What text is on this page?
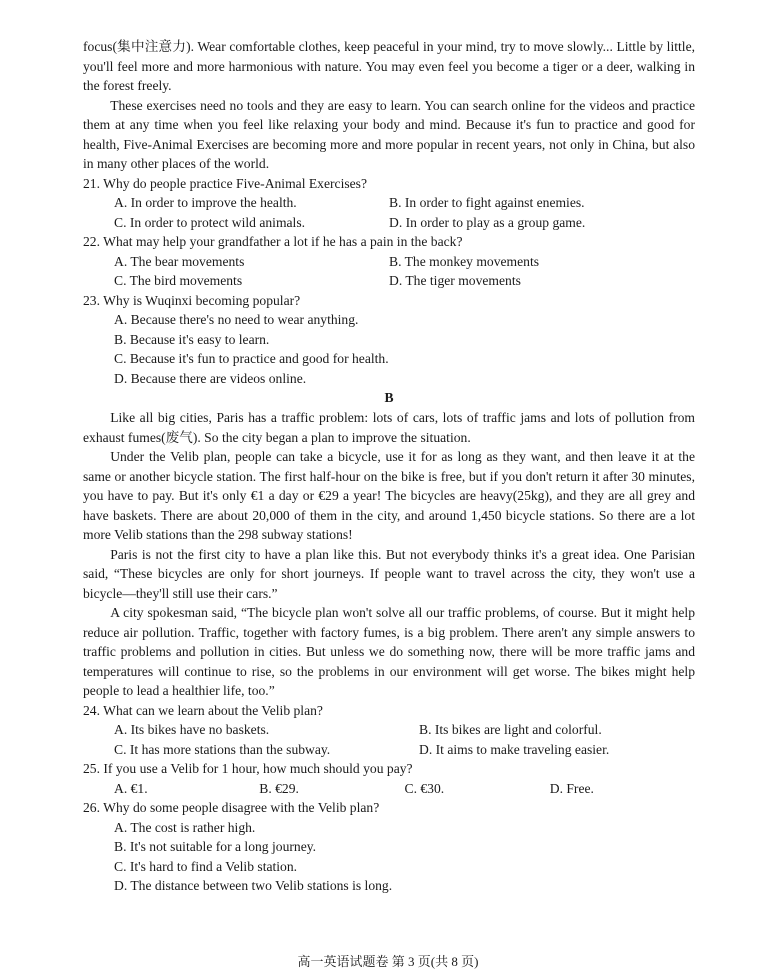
focus(集中注意力). Wear comfortable clothes, keep peaceful in your mind, try to move slowly... Little by little, you'll feel more and more harmonious with nature. You may even feel you become a tiger or a deer, walking in the forest freely.

These exercises need no tools and they are easy to learn. You can search online for the videos and practice them at any time when you feel like relaxing your body and mind. Because it's fun to practice and good for health, Five-Animal Exercises are becoming more and more popular in recent years, not only in China, but also in many other places of the world.

21. Why do people practice Five-Animal Exercises?

A. In order to improve the health.	B. In order to fight against enemies.
C. In order to protect wild animals.	D. In order to play as a group game.

22. What may help your grandfather a lot if he has a pain in the back?

A. The bear movements	B. The monkey movements
C. The bird movements	D. The tiger movements

23. Why is Wuqinxi becoming popular?

A. Because there's no need to wear anything.

B. Because it's easy to learn.

C. Because it's fun to practice and good for health.

D. Because there are videos online.

B

Like all big cities, Paris has a traffic problem: lots of cars, lots of traffic jams and lots of pollution from exhaust fumes(废气). So the city began a plan to improve the situation.

Under the Velib plan, people can take a bicycle, use it for as long as they want, and then leave it at the same or another bicycle station. The first half-hour on the bike is free, but if you don't return it after 30 minutes, you have to pay. But it's only €1 a day or €29 a year! The bicycles are heavy(25kg), and they are all grey and have baskets. There are about 20,000 of them in the city, and around 1,450 bicycle stations. So there are a lot more Velib stations than the 298 subway stations!

Paris is not the first city to have a plan like this. But not everybody thinks it's a great idea. One Parisian said, “These bicycles are only for short journeys. If people want to travel across the city, they won't use a bicycle—they'll still use their cars.”

A city spokesman said, “The bicycle plan won't solve all our traffic problems, of course. But it might help reduce air pollution. Traffic, together with factory fumes, is a big problem. There aren't any simple answers to traffic problems and pollution in cities. But unless we do something now, there will be more traffic jams and temperatures will continue to rise, so the problems in our environment will get worse. The bikes might help people to lead a healthier life, too.”

24. What can we learn about the Velib plan?

A. Its bikes have no baskets.	B. Its bikes are light and colorful.
C. It has more stations than the subway.	D. It aims to make traveling easier.

25. If you use a Velib for 1 hour, how much should you pay?

A. €1.	B. €29.	C. €30.	D. Free.

26. Why do some people disagree with the Velib plan?

A. The cost is rather high.

B. It's not suitable for a long journey.

C. It's hard to find a Velib station.

D. The distance between two Velib stations is long.

高一英语试题卷 第 3 页(共 8 页)
